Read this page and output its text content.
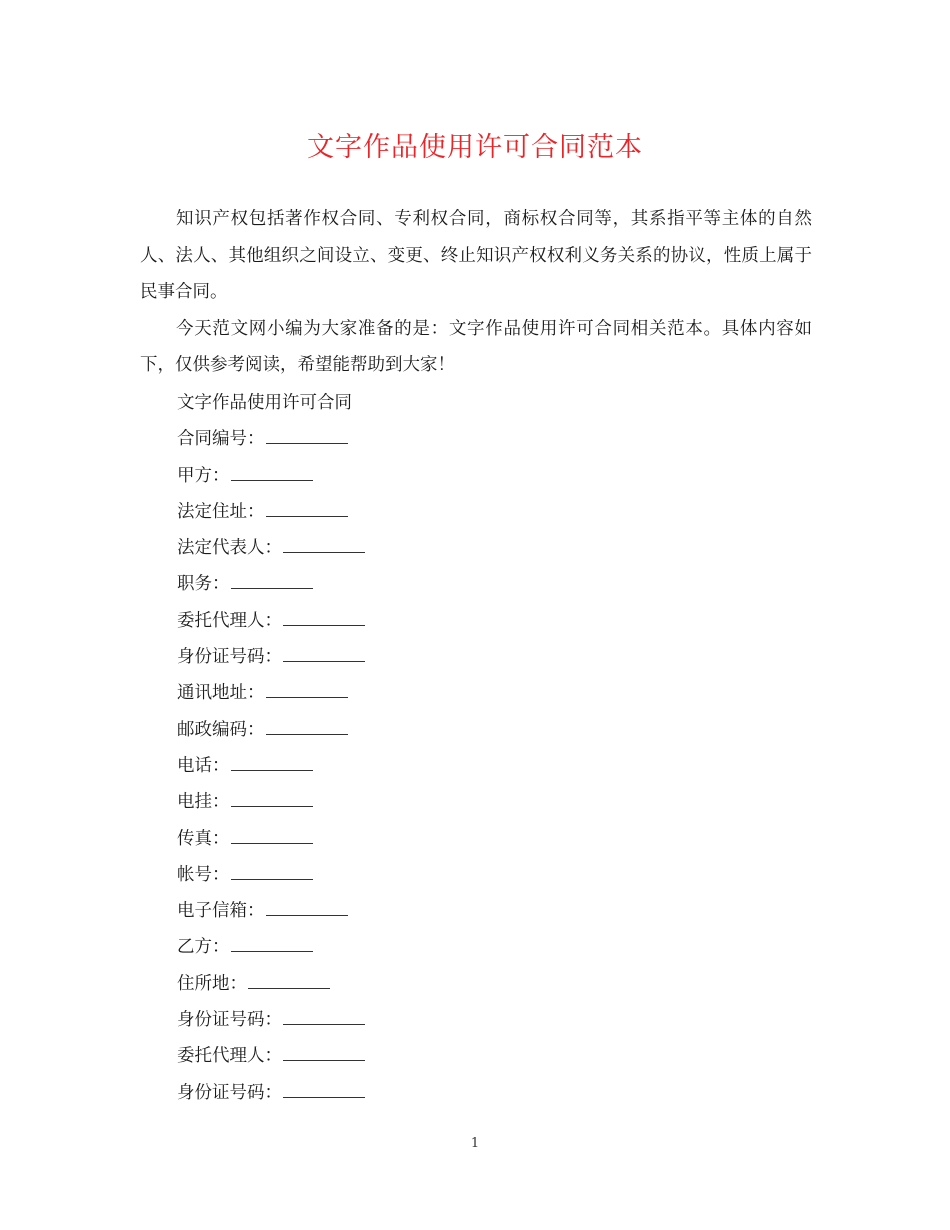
文字作品使用许可合同范本

知识产权包括著作权合同、专利权合同，商标权合同等，其系指平等主体的自然人、法人、其他组织之间设立、变更、终止知识产权权利义务关系的协议，性质上属于民事合同。

今天范文网小编为大家准备的是：文字作品使用许可合同相关范本。具体内容如下，仅供参考阅读，希望能帮助到大家！

文字作品使用许可合同
合同编号：
甲方：
法定住址：
法定代表人：
职务：
委托代理人：
身份证号码：
通讯地址：
邮政编码：
电话：
电挂：
传真：
帐号：
电子信箱：
乙方：
住所地：
身份证号码：
委托代理人：
身份证号码：
1
